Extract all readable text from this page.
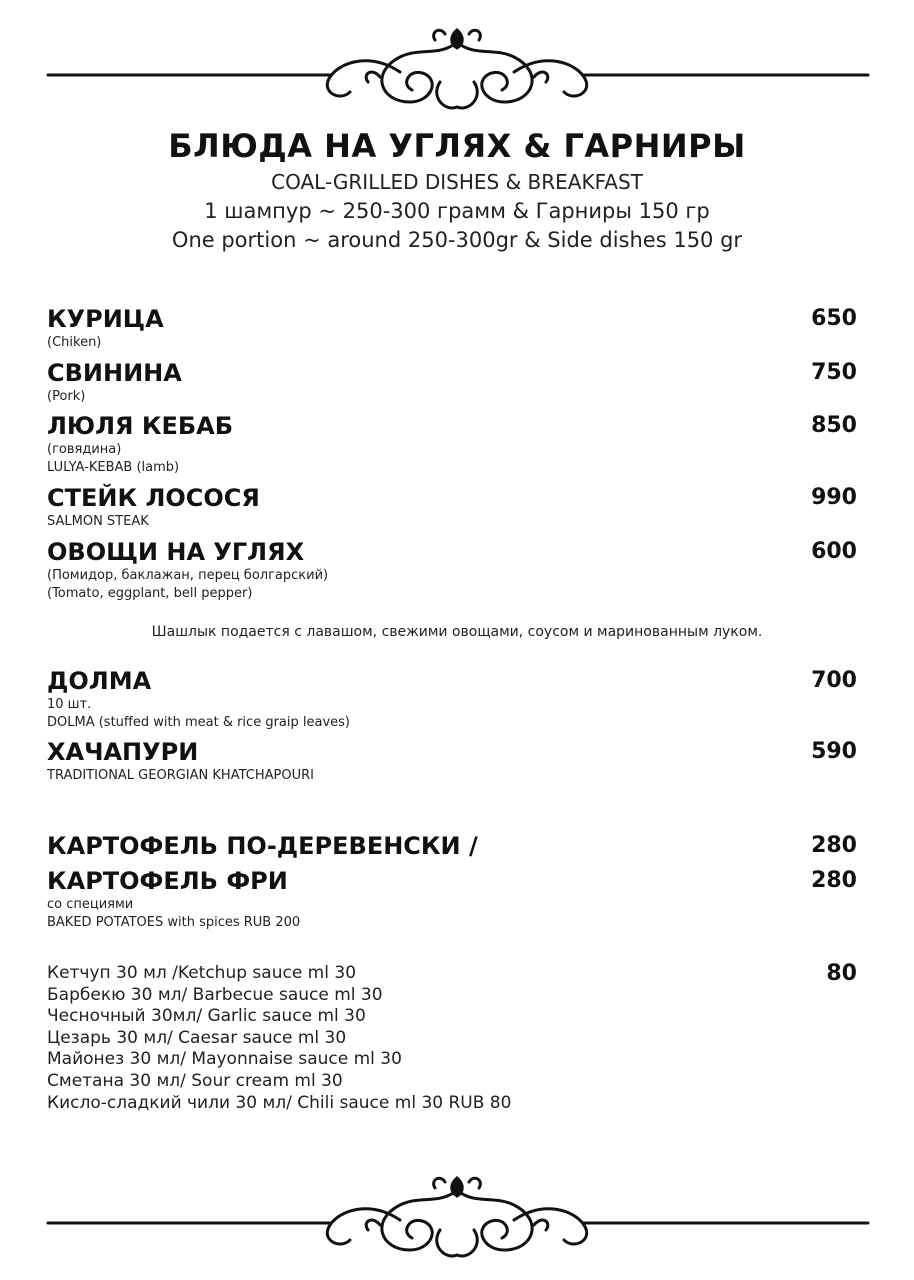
БЛЮДА НА УГЛЯХ & ГАРНИРЫ
COAL-GRILLED DISHES & BREAKFAST
1 шампур ~ 250-300 грамм & Гарниры 150 гр
One portion ~ around 250-300gr & Side dishes 150 gr
КУРИЦА	650
(Chiken)
СВИНИНА	750
(Pork)
ЛЮЛЯ КЕБАБ	850
(говядина)
LULYA-KEBAB (lamb)
СТЕЙК ЛОСОСЯ	990
SALMON STEAK
ОВОЩИ НА УГЛЯХ	600
(Помидор, баклажан, перец болгарский)
(Tomato, eggplant, bell pepper)
Шашлык подается с лавашом, свежими овощами, соусом и маринованным луком.
ДОЛМА	700
10 шт.
DOLMA (stuffed with meat & rice graip leaves)
ХАЧАПУРИ	590
TRADITIONAL GEORGIAN KHATCHAPOURI
КАРТОФЕЛЬ ПО-ДЕРЕВЕНСКИ /	280
КАРТОФЕЛЬ ФРИ	280
со специями
BAKED POTATOES with spices RUB 200
80
Кетчуп 30 мл /Ketchup sauce ml 30
Барбекю 30 мл/ Barbecue sauce ml 30
Чесночный 30мл/ Garlic sauce ml 30
Цезарь 30 мл/ Caesar sauce ml 30
Майонез 30 мл/ Mayonnaise sauce ml 30
Сметана 30 мл/ Sour cream ml 30
Кисло-сладкий чили 30 мл/ Chili sauce ml 30 RUB 80
